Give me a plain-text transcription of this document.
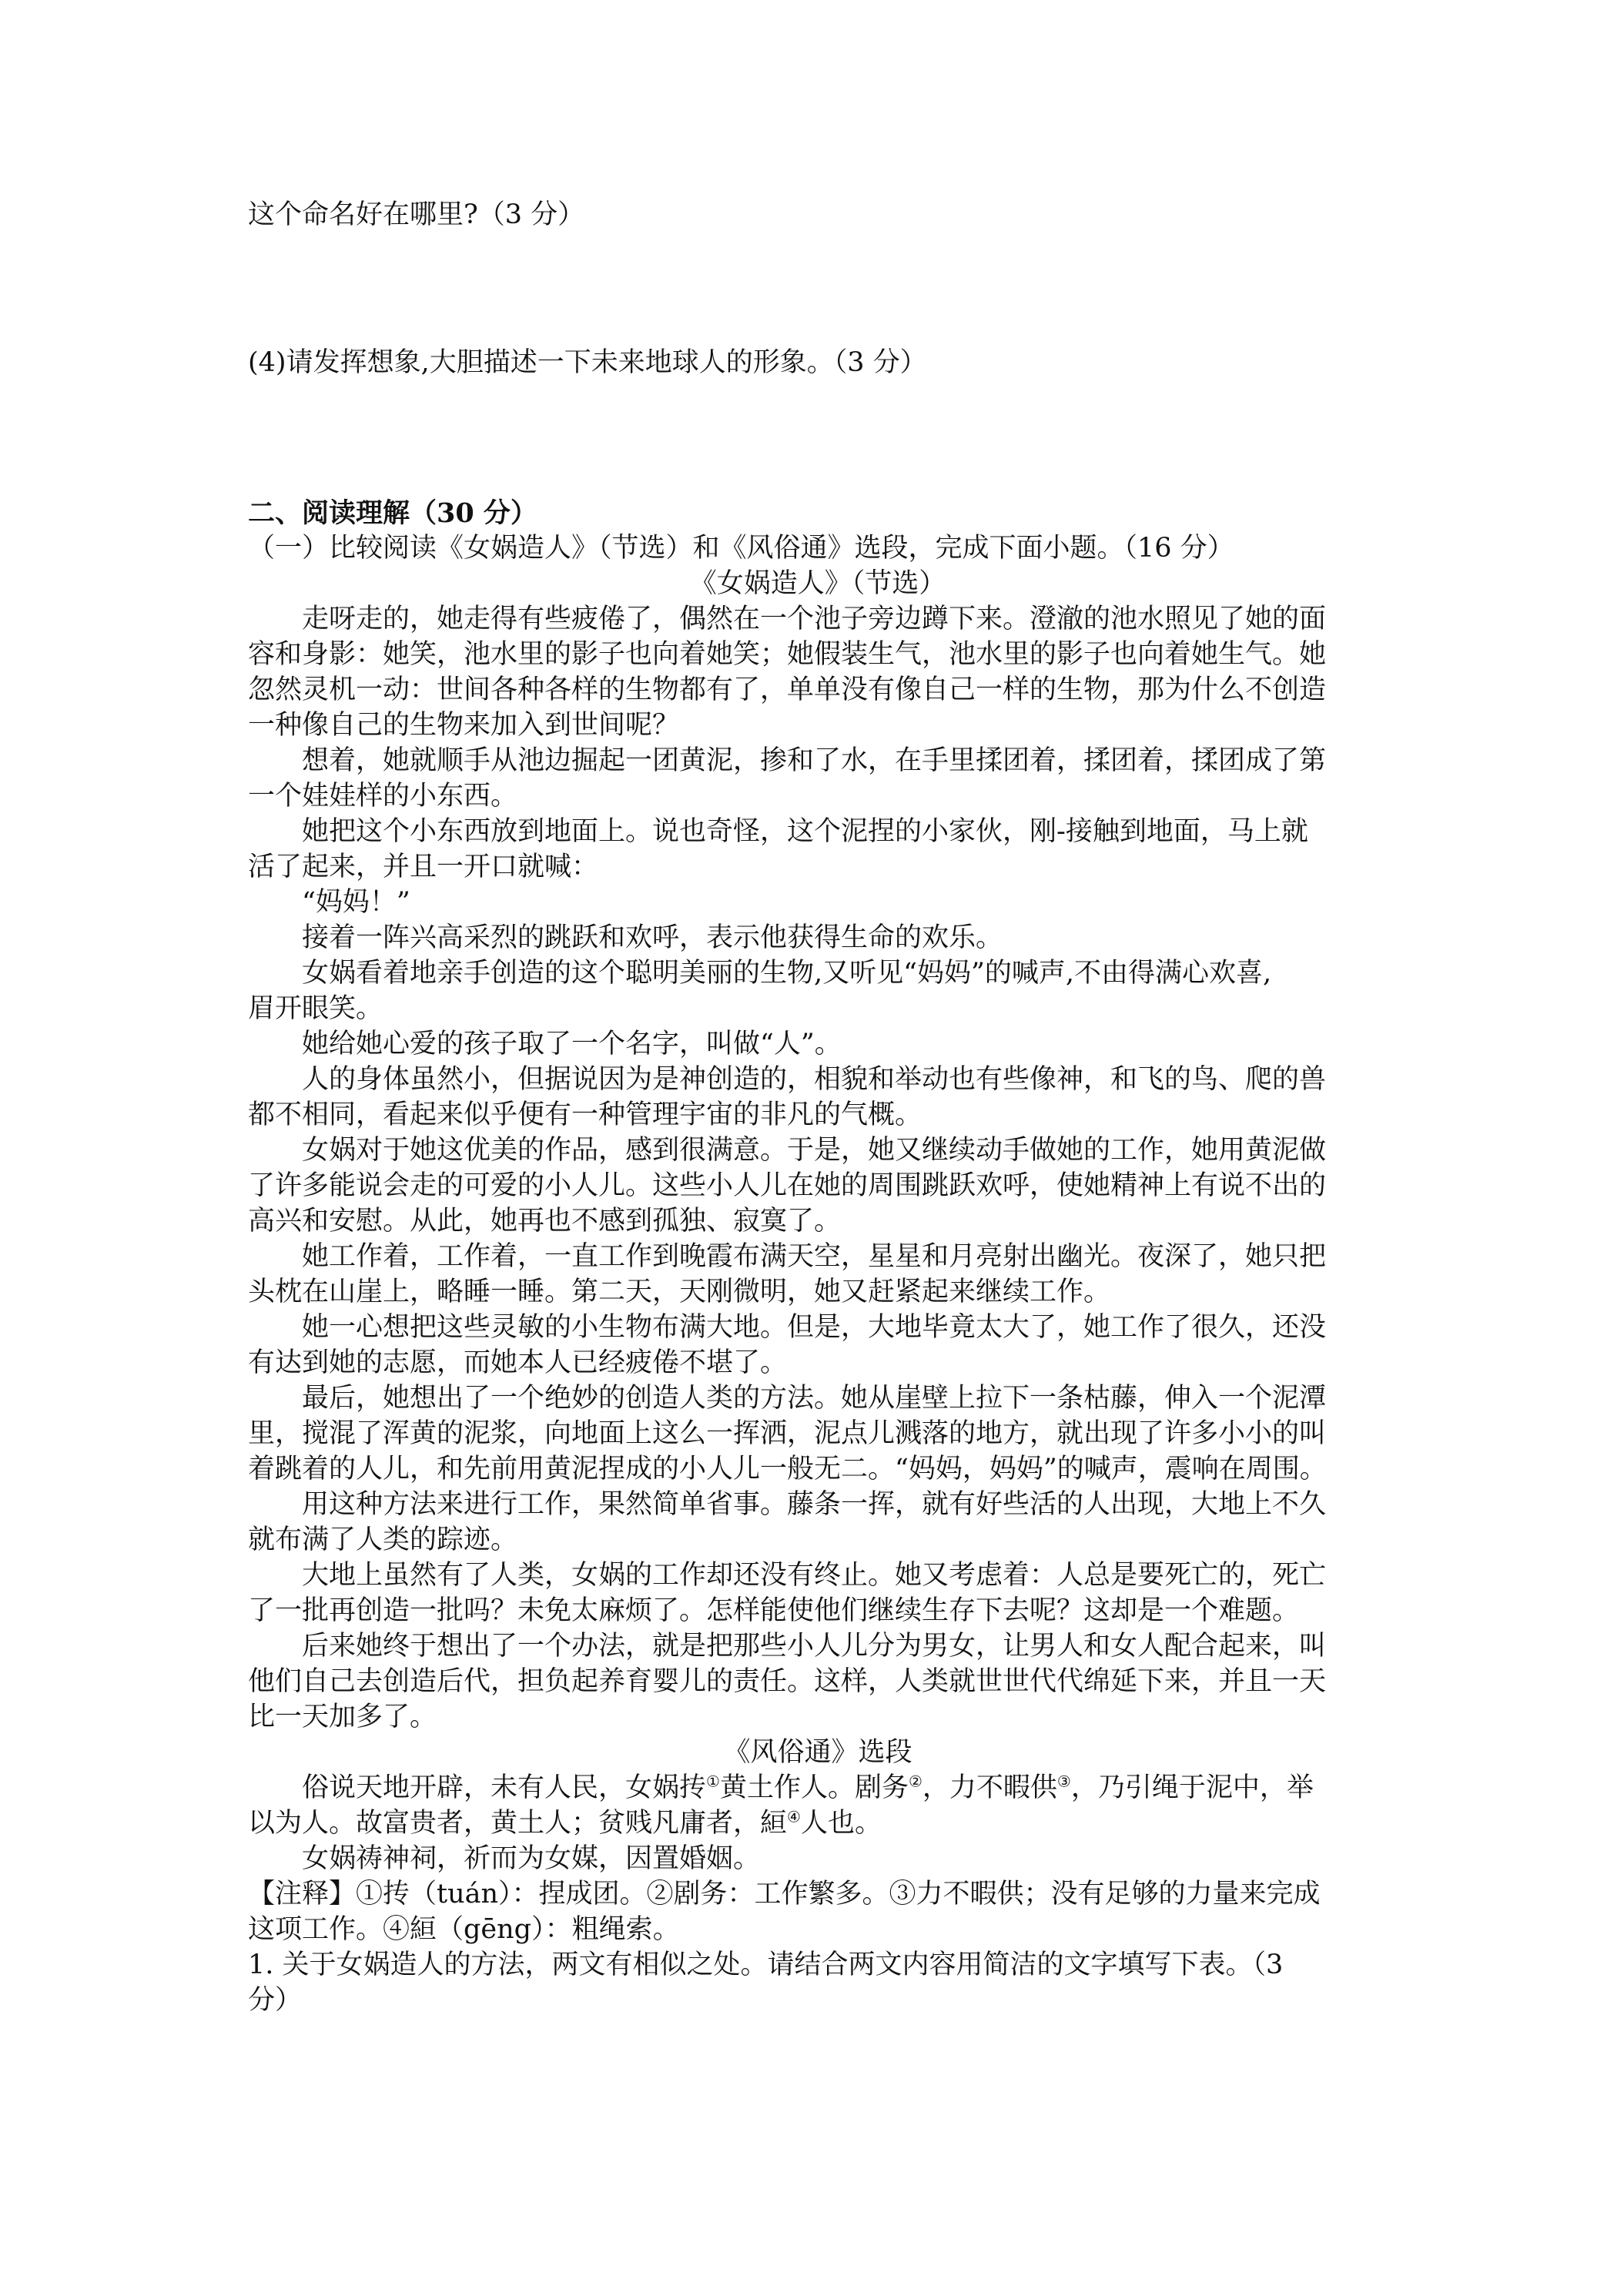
这个命名好在哪里?（3 分）
(4)请发挥想象,大胆描述一下未来地球人的形象。（3 分）
二、阅读理解（30 分）
（一）比较阅读《女娲造人》（节选）和《风俗通》选段，完成下面小题。（16 分）
《女娲造人》（节选）
走呀走的，她走得有些疲倦了，偶然在一个池子旁边蹲下来。澄澈的池水照见了她的面
容和身影：她笑，池水里的影子也向着她笑；她假装生气，池水里的影子也向着她生气。她
忽然灵机一动：世间各种各样的生物都有了，单单没有像自己一样的生物，那为什么不创造
一种像自己的生物来加入到世间呢？
想着，她就顺手从池边掘起一团黄泥，掺和了水，在手里揉团着，揉团着，揉团成了第
一个娃娃样的小东西。
她把这个小东西放到地面上。说也奇怪，这个泥捏的小家伙，刚-接触到地面，马上就
活了起来，并且一开口就喊：
“妈妈！”
接着一阵兴高采烈的跳跃和欢呼，表示他获得生命的欢乐。
女娲看着地亲手创造的这个聪明美丽的生物,又听见“妈妈”的喊声,不由得满心欢喜,
眉开眼笑。
她给她心爱的孩子取了一个名字，叫做“人”。
人的身体虽然小，但据说因为是神创造的，相貌和举动也有些像神，和飞的鸟、爬的兽
都不相同，看起来似乎便有一种管理宇宙的非凡的气概。
女娲对于她这优美的作品，感到很满意。于是，她又继续动手做她的工作，她用黄泥做
了许多能说会走的可爱的小人儿。这些小人儿在她的周围跳跃欢呼，使她精神上有说不出的
高兴和安慰。从此，她再也不感到孤独、寂寞了。
她工作着，工作着，一直工作到晚霞布满天空，星星和月亮射出幽光。夜深了，她只把
头枕在山崖上，略睡一睡。第二天，天刚微明，她又赶紧起来继续工作。
她一心想把这些灵敏的小生物布满大地。但是，大地毕竟太大了，她工作了很久，还没
有达到她的志愿，而她本人已经疲倦不堪了。
最后，她想出了一个绝妙的创造人类的方法。她从崖壁上拉下一条枯藤，伸入一个泥潭
里，搅混了浑黄的泥浆，向地面上这么一挥洒，泥点儿溅落的地方，就出现了许多小小的叫
着跳着的人儿，和先前用黄泥捏成的小人儿一般无二。“妈妈，妈妈”的喊声，震响在周围。
用这种方法来进行工作，果然简单省事。藤条一挥，就有好些活的人出现，大地上不久
就布满了人类的踪迹。
大地上虽然有了人类，女娲的工作却还没有终止。她又考虑着：人总是要死亡的，死亡
了一批再创造一批吗？未免太麻烦了。怎样能使他们继续生存下去呢？这却是一个难题。
后来她终于想出了一个办法，就是把那些小人儿分为男女，让男人和女人配合起来，叫
他们自己去创造后代，担负起养育婴儿的责任。这样，人类就世世代代绵延下来，并且一天
比一天加多了。
《风俗通》选段
俗说天地开辟，未有人民，女娲抟①黄土作人。剧务②，力不暇供③，乃引绳于泥中，举
以为人。故富贵者，黄土人；贫贱凡庸者，絙④人也。
女娲祷神祠，祈而为女媒，因置婚姻。
【注释】①抟（tuán）：捏成团。②剧务：工作繁多。③力不暇供；没有足够的力量来完成
这项工作。④絙（gēng）：粗绳索。
1. 关于女娲造人的方法，两文有相似之处。请结合两文内容用简洁的文字填写下表。（3
分）
